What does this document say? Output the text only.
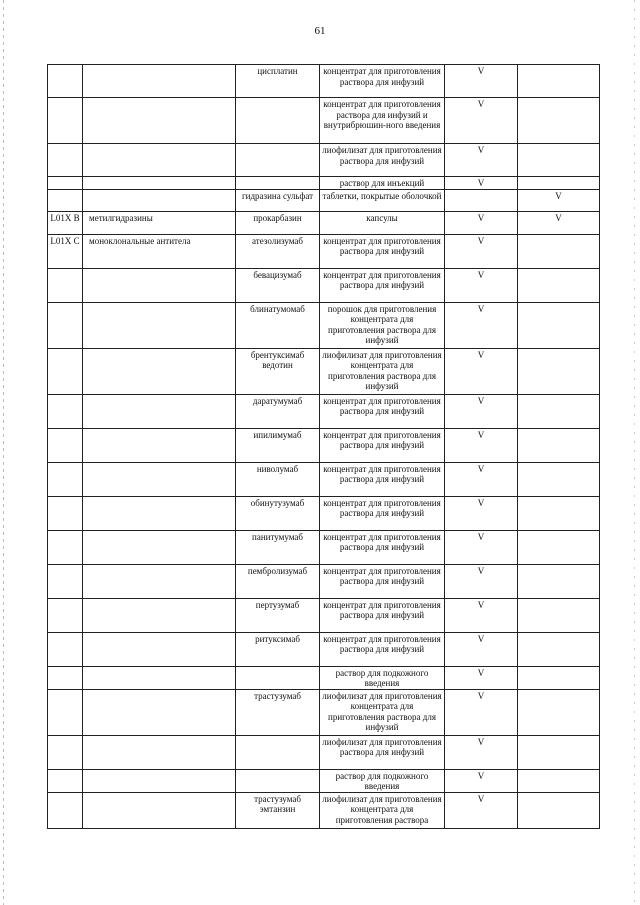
61
		цисплатин	концентрат для приготовления раствора для инфузий	V	
			концентрат для приготовления раствора для инфузий и внутрибрюшин-ного введения	V	
			лиофилизат для приготовления раствора для инфузий	V	
			раствор для инъекций	V	
		гидразина сульфат	таблетки, покрытые оболочкой		V
L01X B	метилгидразины	прокарбазин	капсулы	V	V
L01X C	моноклональные антитела	атезолизумаб	концентрат для приготовления раствора для инфузий	V	
		бевацизумаб	концентрат для приготовления раствора для инфузий	V	
		блинатумомаб	порошок для приготовления концентрата для приготовления раствора для инфузий	V	
		брентуксимаб ведотин	лиофилизат для приготовления концентрата для приготовления раствора для инфузий	V	
		даратумумаб	концентрат для приготовления раствора для инфузий	V	
		ипилимумаб	концентрат для приготовления раствора для инфузий	V	
		ниволумаб	концентрат для приготовления раствора для инфузий	V	
		обинутузумаб	концентрат для приготовления раствора для инфузий	V	
		панитумумаб	концентрат для приготовления раствора для инфузий	V	
		пембролизумаб	концентрат для приготовления раствора для инфузий	V	
		пертузумаб	концентрат для приготовления раствора для инфузий	V	
		ритуксимаб	концентрат для приготовления раствора для инфузий	V	
			раствор для подкожного введения	V	
		трастузумаб	лиофилизат для приготовления концентрата для приготовления раствора для инфузий	V	
			лиофилизат для приготовления раствора для инфузий	V	
			раствор для подкожного введения	V	
		трастузумаб эмтанзин	лиофилизат для приготовления концентрата для приготовления раствора	V	
